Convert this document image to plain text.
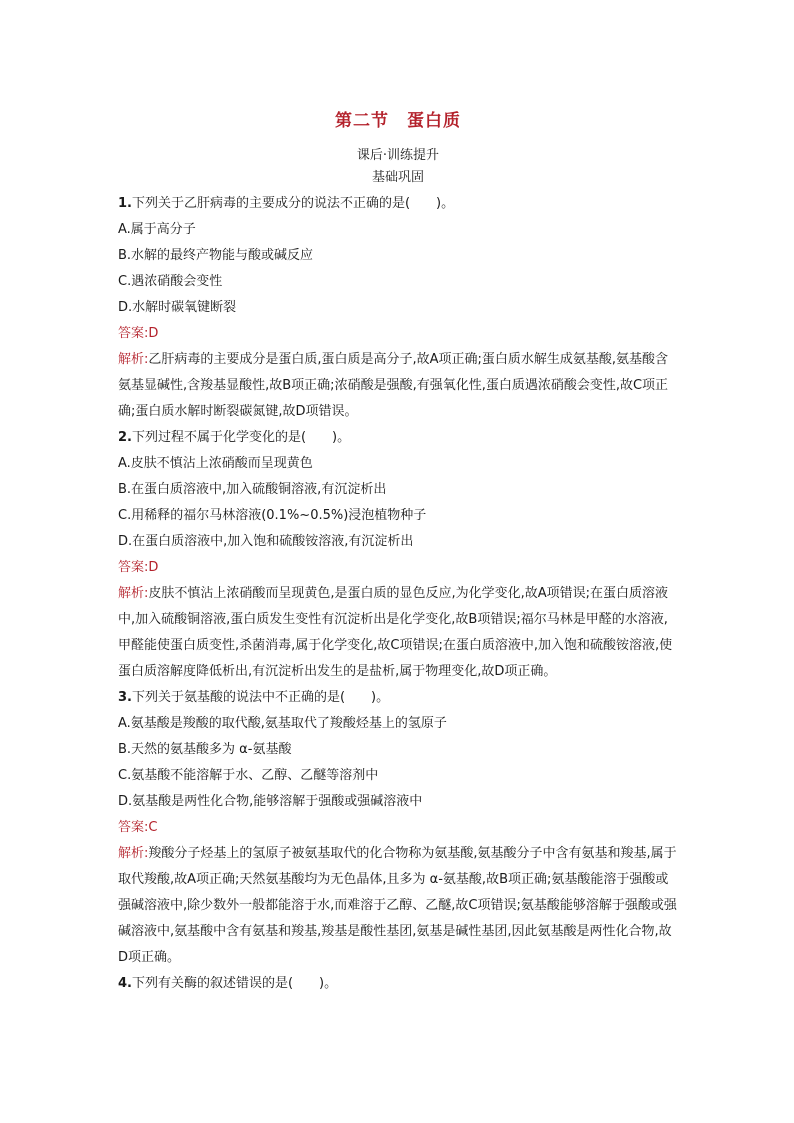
第二节　蛋白质
课后·训练提升
基础巩固
1.下列关于乙肝病毒的主要成分的说法不正确的是(　　)。
A.属于高分子
B.水解的最终产物能与酸或碱反应
C.遇浓硝酸会变性
D.水解时碳氧键断裂
答案:D
解析:乙肝病毒的主要成分是蛋白质,蛋白质是高分子,故A项正确;蛋白质水解生成氨基酸,氨基酸含氨基显碱性,含羧基显酸性,故B项正确;浓硝酸是强酸,有强氧化性,蛋白质遇浓硝酸会变性,故C项正确;蛋白质水解时断裂碳氮键,故D项错误。
2.下列过程不属于化学变化的是(　　)。
A.皮肤不慎沾上浓硝酸而呈现黄色
B.在蛋白质溶液中,加入硫酸铜溶液,有沉淀析出
C.用稀释的福尔马林溶液(0.1%~0.5%)浸泡植物种子
D.在蛋白质溶液中,加入饱和硫酸铵溶液,有沉淀析出
答案:D
解析:皮肤不慎沾上浓硝酸而呈现黄色,是蛋白质的显色反应,为化学变化,故A项错误;在蛋白质溶液中,加入硫酸铜溶液,蛋白质发生变性有沉淀析出是化学变化,故B项错误;福尔马林是甲醛的水溶液,甲醛能使蛋白质变性,杀菌消毒,属于化学变化,故C项错误;在蛋白质溶液中,加入饱和硫酸铵溶液,使蛋白质溶解度降低析出,有沉淀析出发生的是盐析,属于物理变化,故D项正确。
3.下列关于氨基酸的说法中不正确的是(　　)。
A.氨基酸是羧酸的取代酸,氨基取代了羧酸烃基上的氢原子
B.天然的氨基酸多为 α-氨基酸
C.氨基酸不能溶解于水、乙醇、乙醚等溶剂中
D.氨基酸是两性化合物,能够溶解于强酸或强碱溶液中
答案:C
解析:羧酸分子烃基上的氢原子被氨基取代的化合物称为氨基酸,氨基酸分子中含有氨基和羧基,属于取代羧酸,故A项正确;天然氨基酸均为无色晶体,且多为 α-氨基酸,故B项正确;氨基酸能溶于强酸或强碱溶液中,除少数外一般都能溶于水,而难溶于乙醇、乙醚,故C项错误;氨基酸能够溶解于强酸或强碱溶液中,氨基酸中含有氨基和羧基,羧基是酸性基团,氨基是碱性基团,因此氨基酸是两性化合物,故D项正确。
4.下列有关酶的叙述错误的是(　　)。
